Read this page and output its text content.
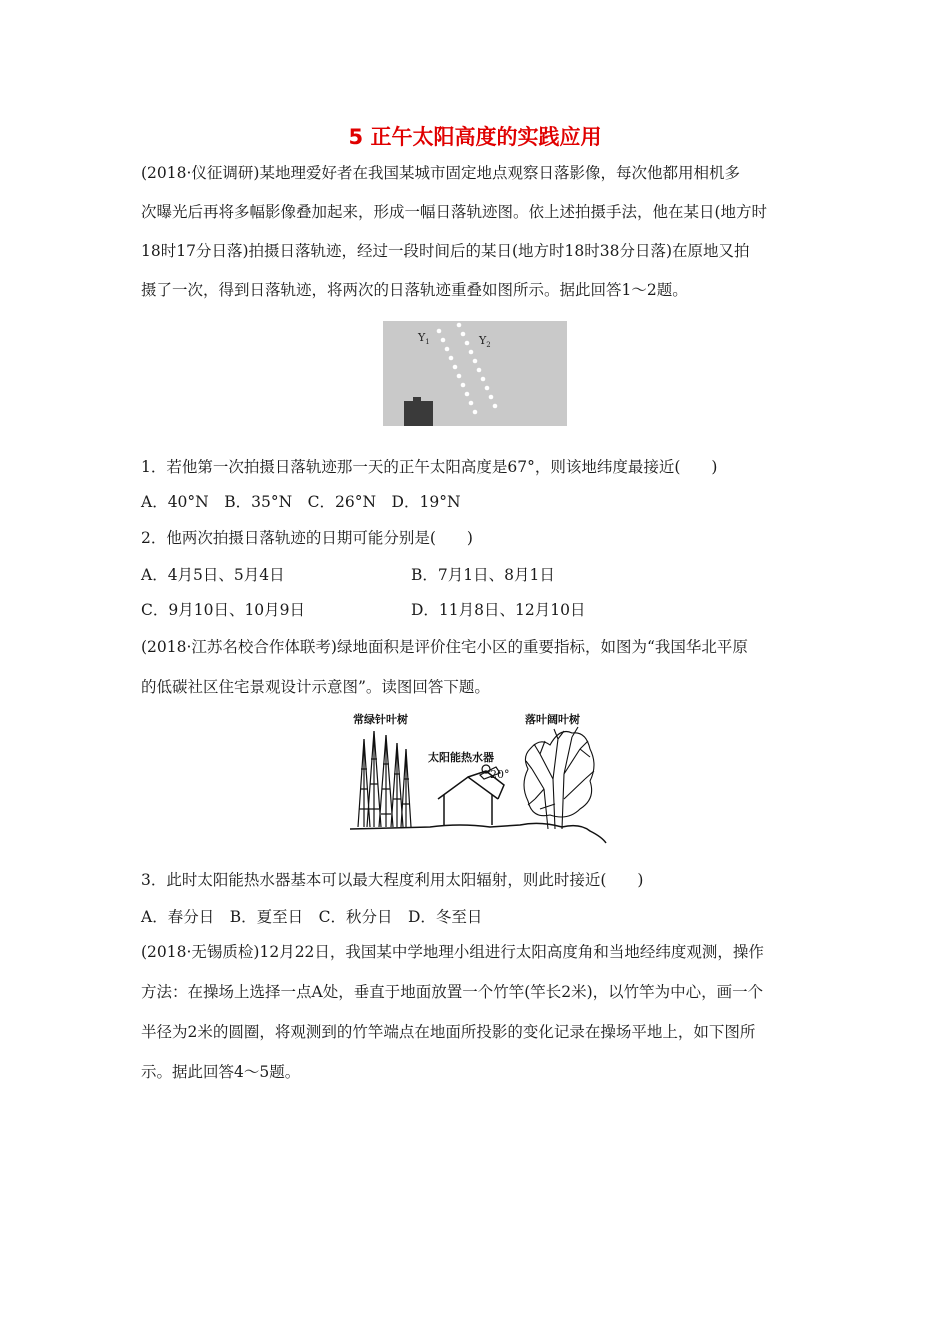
5 正午太阳高度的实践应用
(2018·仪征调研)某地理爱好者在我国某城市固定地点观察日落影像，每次他都用相机多
次曝光后再将多幅影像叠加起来，形成一幅日落轨迹图。依上述拍摄手法，他在某日(地方时
18时17分日落)拍摄日落轨迹，经过一段时间后的某日(地方时18时38分日落)在原地又拍
摄了一次，得到日落轨迹，将两次的日落轨迹重叠如图所示。据此回答1～2题。
$Y_1$	$Y_2$
1．若他第一次拍摄日落轨迹那一天的正午太阳高度是67°，则该地纬度最接近(　　)
A．40°N　B．35°N　C．26°N　D．19°N
2．他两次拍摄日落轨迹的日期可能分别是(　　)
A．4月5日、5月4日	B．7月1日、8月1日
C．9月10日、10月9日	D．11月8日、12月10日
(2018·江苏名校合作体联考)绿地面积是评价住宅小区的重要指标，如图为“我国华北平原
的低碳社区住宅景观设计示意图”。读图回答下题。
常绿针叶树	落叶阔叶树
太阳能热水器
20°
3．此时太阳能热水器基本可以最大程度利用太阳辐射，则此时接近(　　)
A．春分日　B．夏至日　C．秋分日　D．冬至日
(2018·无锡质检)12月22日，我国某中学地理小组进行太阳高度角和当地经纬度观测，操作
方法：在操场上选择一点A处，垂直于地面放置一个竹竿(竿长2米)，以竹竿为中心，画一个
半径为2米的圆圈，将观测到的竹竿端点在地面所投影的变化记录在操场平地上，如下图所
示。据此回答4～5题。
